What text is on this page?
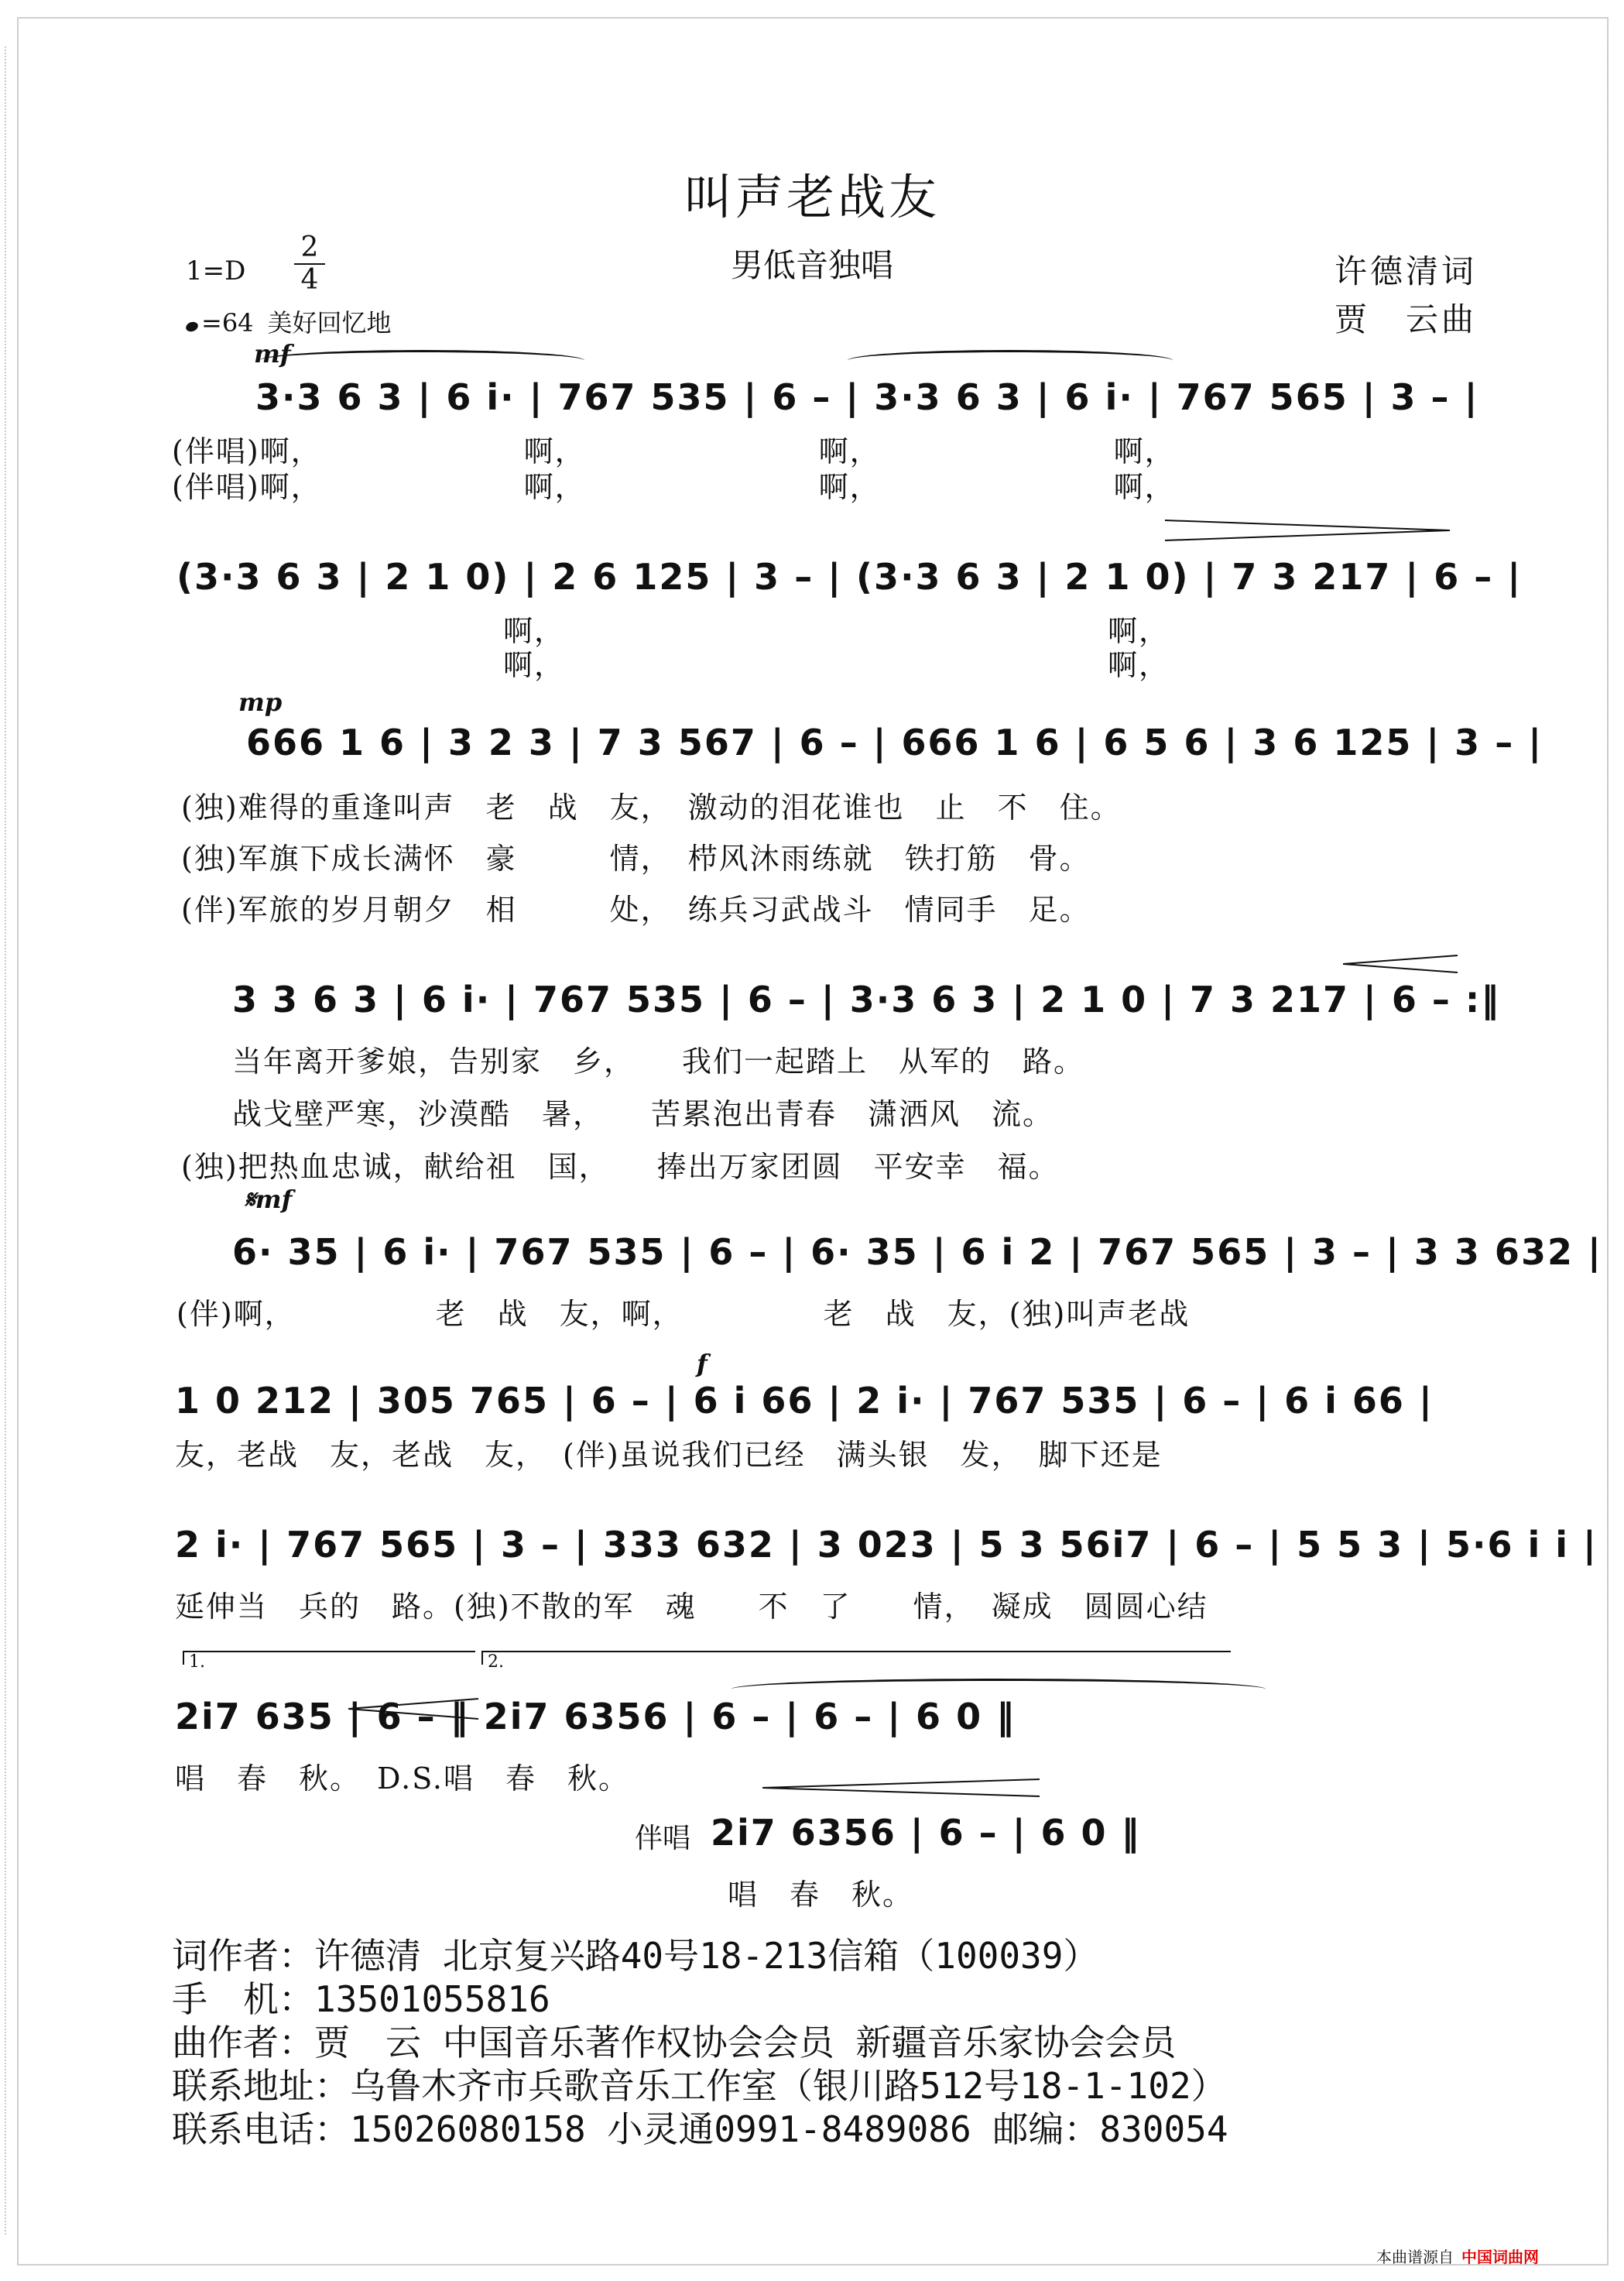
叫声老战友
男低音独唱	许德清词
贾　云曲
1=D
2
4
=64 美好回忆地
mf
3·3 6 3 | 6 i· | 767 535 | 6 – | 3·3 6 3 | 6 i· | 767 565 | 3 – |
(伴唱)啊，　　　　　　　啊，　　　　　　　　啊，　　　　　　　　啊，
(伴唱)啊，　　　　　　　啊，　　　　　　　　啊，　　　　　　　　啊，
(3·3 6 3 | 2 1 0) | 2 6 125 | 3 – | (3·3 6 3 | 2 1 0) | 7 3 217 | 6 – |
啊，　　　　　　　　　　　　　　　　　　啊，
啊，　　　　　　　　　　　　　　　　　　啊，
mp
666 1 6 | 3 2 3 | 7 3 567 | 6 – | 666 1 6 | 6 5 6 | 3 6 125 | 3 – |
(独)难得的重逢叫声　老　战　友，　激动的泪花谁也　止　不　住。
(独)军旗下成长满怀　豪　　　情，　栉风沐雨练就　铁打筋　骨。
(伴)军旅的岁月朝夕　相　　　处，　练兵习武战斗　情同手　足。
3 3 6 3 | 6 i· | 767 535 | 6 – | 3·3 6 3 | 2 1 0 | 7 3 217 | 6 – :‖
当年离开爹娘，告别家　乡，　　我们一起踏上　从军的　路。
战戈壁严寒，沙漠酷　暑，　　苦累泡出青春　潇洒风　流。
(独)把热血忠诚，献给祖　国，　　捧出万家团圆　平安幸　福。
𝄋mf
6· 35 | 6 i· | 767 535 | 6 – | 6· 35 | 6 i 2 | 767 565 | 3 – | 3 3 632 |
(伴)啊，　　　　　老　战　友，啊，　　　　　老　战　友，(独)叫声老战
f
1 0 212 | 305 765 | 6 – | 6 i 66 | 2 i· | 767 535 | 6 – | 6 i 66 |
友，老战　友，老战　友，　(伴)虽说我们已经　满头银　发，　脚下还是
2 i· | 767 565 | 3 – | 333 632 | 3 023 | 5 3 56i7 | 6 – | 5 5 3 | 5·6 i i |
延伸当　兵的　路。(独)不散的军　魂　　不　了　　情，　凝成　圆圆心结
1.	2.
2i7 635 | 6 – ‖ 2i7 6356 | 6 – | 6 – | 6 0 ‖
唱　春　秋。　D.S.唱　春　秋。
伴唱 2i7 6356 | 6 – | 6 0 ‖
唱　春　秋。
词作者：许德清 北京复兴路40号18-213信箱（100039）
手　机：13501055816
曲作者：贾　云 中国音乐著作权协会会员 新疆音乐家协会会员
联系地址：乌鲁木齐市兵歌音乐工作室（银川路512号18-1-102）
联系电话：15026080158 小灵通0991-8489086 邮编：830054
本曲谱源自 中国词曲网
